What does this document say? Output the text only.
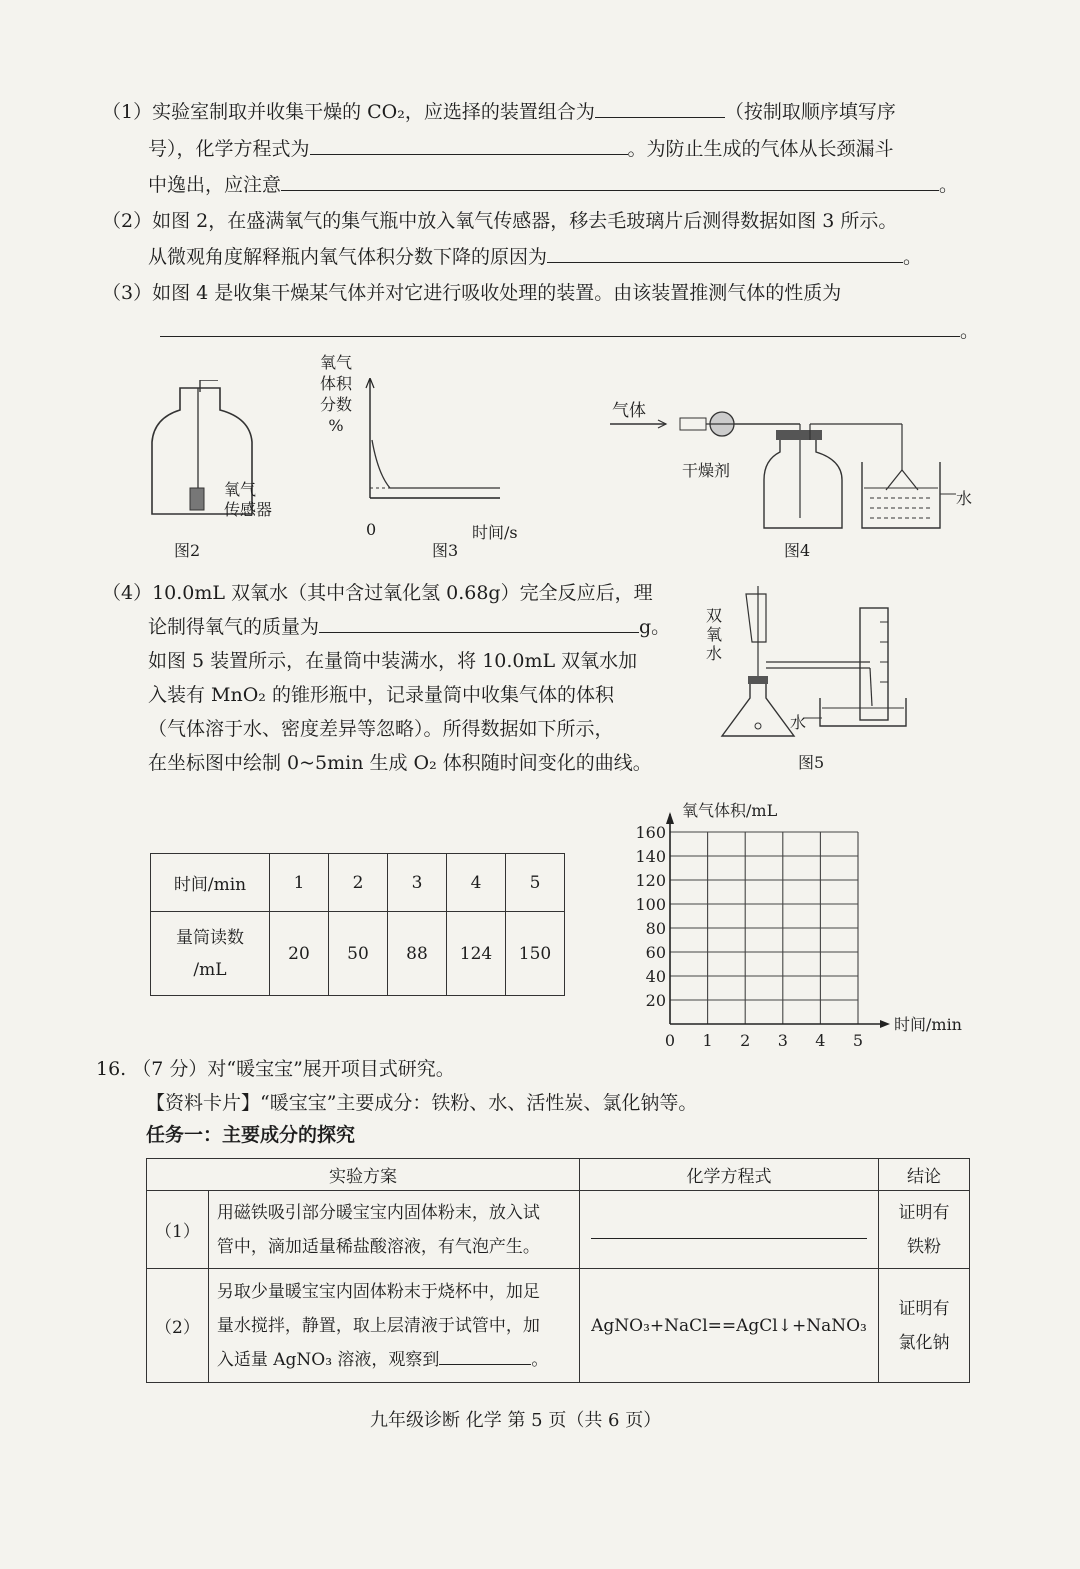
（1）实验室制取并收集干燥的 CO₂，应选择的装置组合为	（按制取顺序填写序
号），化学方程式为	。为防止生成的气体从长颈漏斗
中逸出，应注意	。
（2）如图 2，在盛满氧气的集气瓶中放入氧气传感器，移去毛玻璃片后测得数据如图 3 所示。
从微观角度解释瓶内氧气体积分数下降的原因为	。
（3）如图 4 是收集干燥某气体并对它进行吸收处理的装置。由该装置推测气体的性质为
。
氧气
传感器
图2
氧气
体积
分数
%
0	时间/s
图3
气体
干燥剂
水
图4
（4）10.0mL 双氧水（其中含过氧化氢 0.68g）完全反应后，理
论制得氧气的质量为	g。
如图 5 装置所示，在量筒中装满水，将 10.0mL 双氧水加
入装有 MnO₂ 的锥形瓶中，记录量筒中收集气体的体积
（气体溶于水、密度差异等忽略）。所得数据如下所示，
在坐标图中绘制 0~5min 生成 O₂ 体积随时间变化的曲线。
双
氧
水
水
图5
时间/min	1	2	3	4	5
量筒读数
/mL	20	50	88	124	150
20
40
60
80
100
120
140
160
0 1 2 3 4 5
氧气体积/mL
时间/min
16. （7 分）对“暖宝宝”展开项目式研究。
【资料卡片】“暖宝宝”主要成分：铁粉、水、活性炭、氯化钠等。
任务一：主要成分的探究
实验方案		化学方程式	结论
（1）	用磁铁吸引部分暖宝宝内固体粉末，放入试
管中，滴加适量稀盐酸溶液，有气泡产生。		证明有
铁粉
（2）	另取少量暖宝宝内固体粉末于烧杯中，加足
量水搅拌，静置，取上层清液于试管中，加
入适量 AgNO₃ 溶液，观察到 。	AgNO₃+NaCl==AgCl↓+NaNO₃	证明有
氯化钠
九年级诊断 化学 第 5 页（共 6 页）
